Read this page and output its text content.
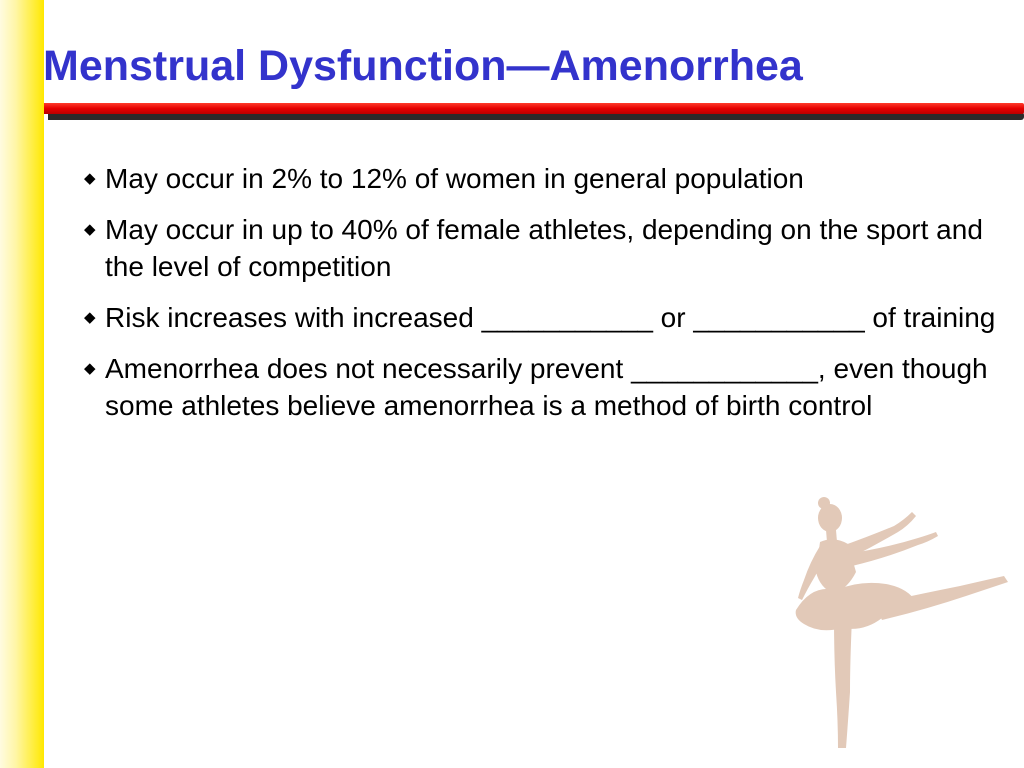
Menstrual Dysfunction—Amenorrhea
◆ May occur in 2% to 12% of women in general population
◆ May occur in up to 40% of female athletes, depending on the sport and the level of competition
◆ Risk increases with increased ___________ or ___________ of training
◆ Amenorrhea does not necessarily prevent ____________, even though some athletes believe amenorrhea is a method of birth control
